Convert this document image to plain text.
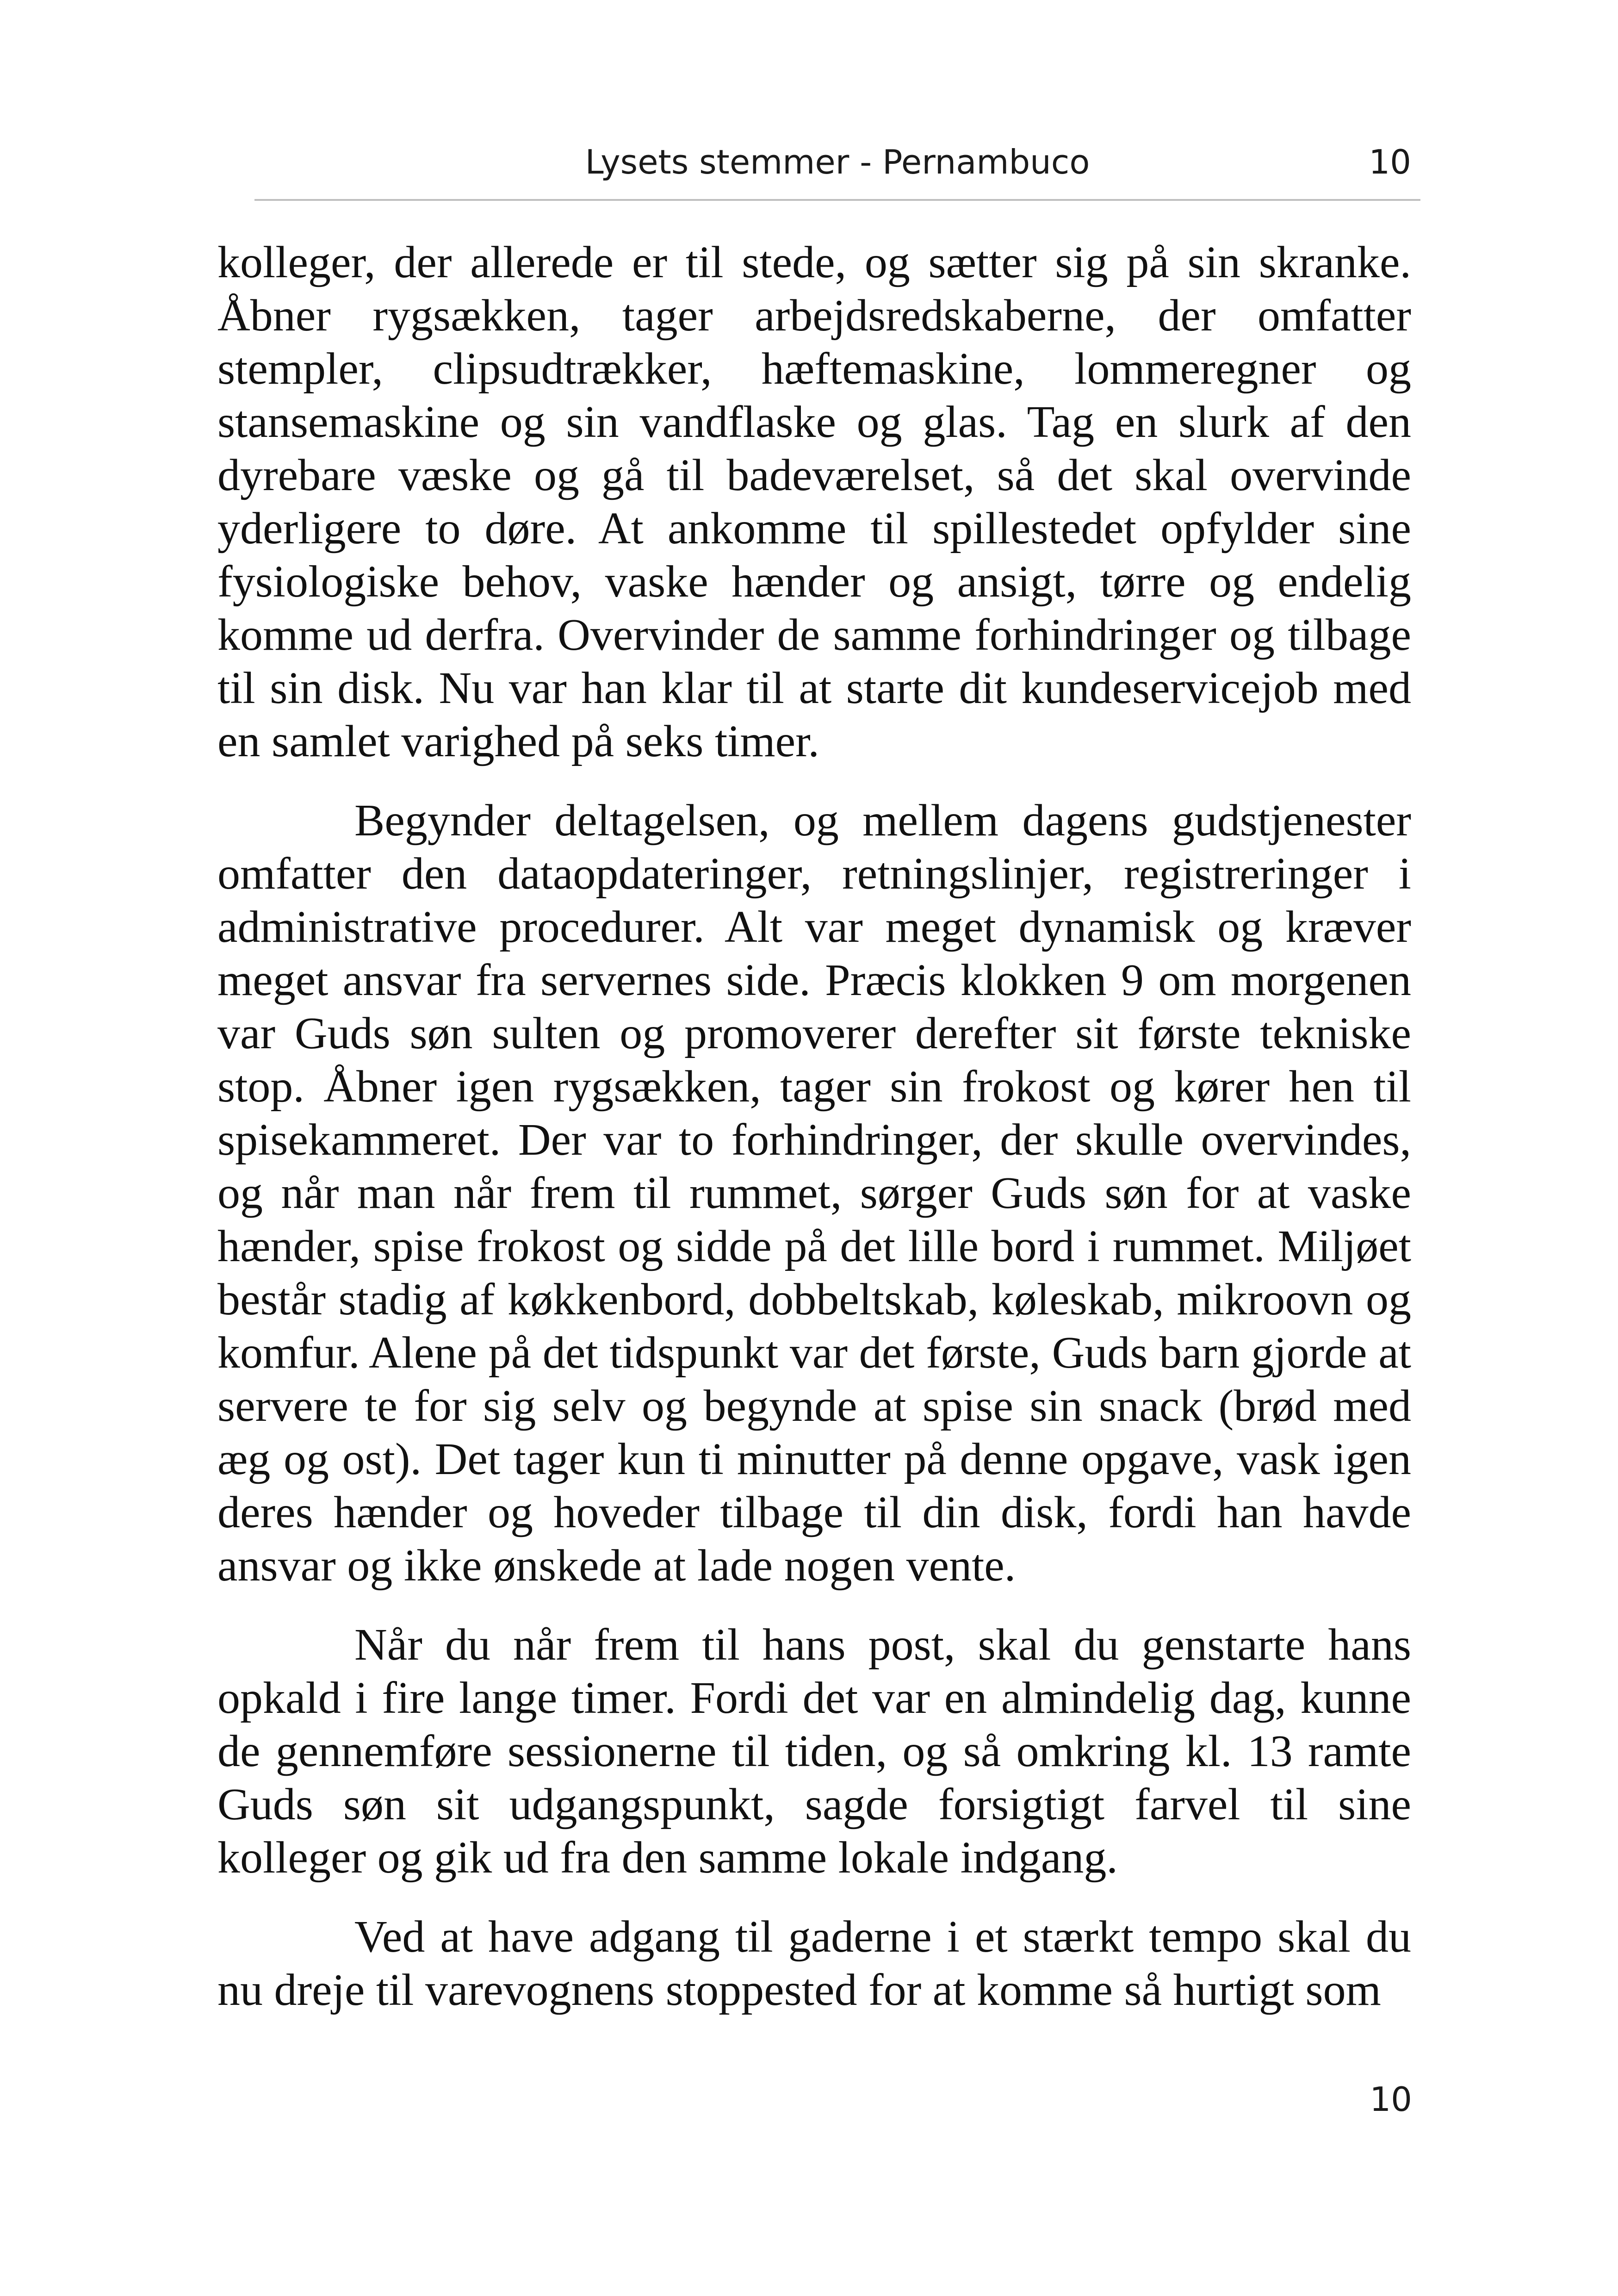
Lysets stemmer - Pernambuco	10

kolleger, der allerede er til stede, og sætter sig på sin skranke. Åbner rygsækken, tager arbejdsredskaberne, der omfatter stempler, clipsudtrækker, hæftemaskine, lommeregner og stansemaskine og sin vandflaske og glas. Tag en slurk af den dyrebare væske og gå til badeværelset, så det skal overvinde yderligere to døre. At ankomme til spillestedet opfylder sine fysiologiske behov, vaske hænder og ansigt, tørre og endelig komme ud derfra. Overvinder de samme forhindringer og tilbage til sin disk. Nu var han klar til at starte dit kundeservicejob med en samlet varighed på seks timer.

Begynder deltagelsen, og mellem dagens gudstjenester omfatter den dataopdateringer, retningslinjer, registreringer i administrative procedurer. Alt var meget dynamisk og kræver meget ansvar fra servernes side. Præcis klokken 9 om morgenen var Guds søn sulten og promoverer derefter sit første tekniske stop. Åbner igen rygsækken, tager sin frokost og kører hen til spisekammeret. Der var to forhindringer, der skulle overvindes, og når man når frem til rummet, sørger Guds søn for at vaske hænder, spise frokost og sidde på det lille bord i rummet. Miljøet består stadig af køkkenbord, dobbeltskab, køleskab, mikroovn og komfur. Alene på det tidspunkt var det første, Guds barn gjorde at servere te for sig selv og begynde at spise sin snack (brød med æg og ost). Det tager kun ti minutter på denne opgave, vask igen deres hænder og hoveder tilbage til din disk, fordi han havde ansvar og ikke ønskede at lade nogen vente.

Når du når frem til hans post, skal du genstarte hans opkald i fire lange timer. Fordi det var en almindelig dag, kunne de gennemføre sessionerne til tiden, og så omkring kl. 13 ramte Guds søn sit udgangspunkt, sagde forsigtigt farvel til sine kolleger og gik ud fra den samme lokale indgang.

Ved at have adgang til gaderne i et stærkt tempo skal du nu dreje til varevognens stoppested for at komme så hurtigt som

10
